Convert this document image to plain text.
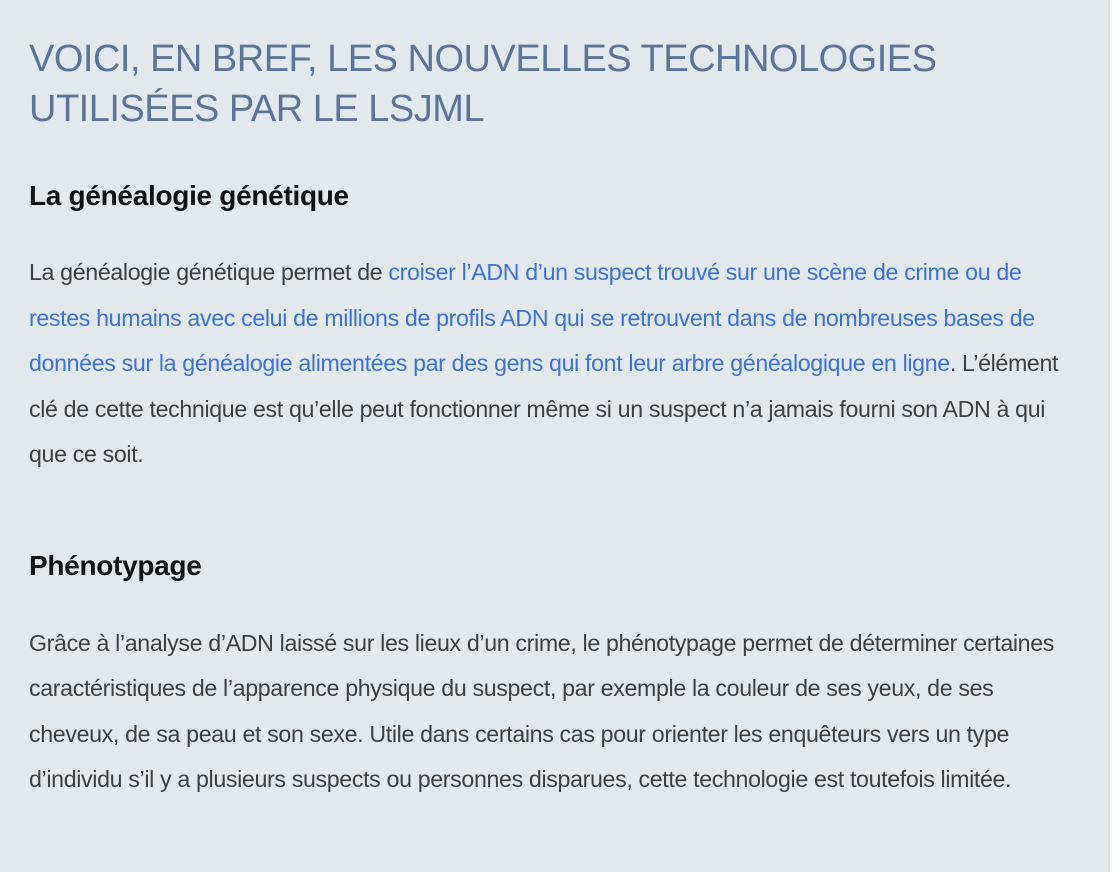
VOICI, EN BREF, LES NOUVELLES TECHNOLOGIES UTILISÉES PAR LE LSJML
La généalogie génétique

La généalogie génétique permet de croiser l’ADN d’un suspect trouvé sur une scène de crime ou de restes humains avec celui de millions de profils ADN qui se retrouvent dans de nombreuses bases de données sur la généalogie alimentées par des gens qui font leur arbre généalogique en ligne. L’élément clé de cette technique est qu’elle peut fonctionner même si un suspect n’a jamais fourni son ADN à qui que ce soit.

Phénotypage

Grâce à l’analyse d’ADN laissé sur les lieux d’un crime, le phénotypage permet de déterminer certaines caractéristiques de l’apparence physique du suspect, par exemple la couleur de ses yeux, de ses cheveux, de sa peau et son sexe. Utile dans certains cas pour orienter les enquêteurs vers un type d’individu s’il y a plusieurs suspects ou personnes disparues, cette technologie est toutefois limitée.
